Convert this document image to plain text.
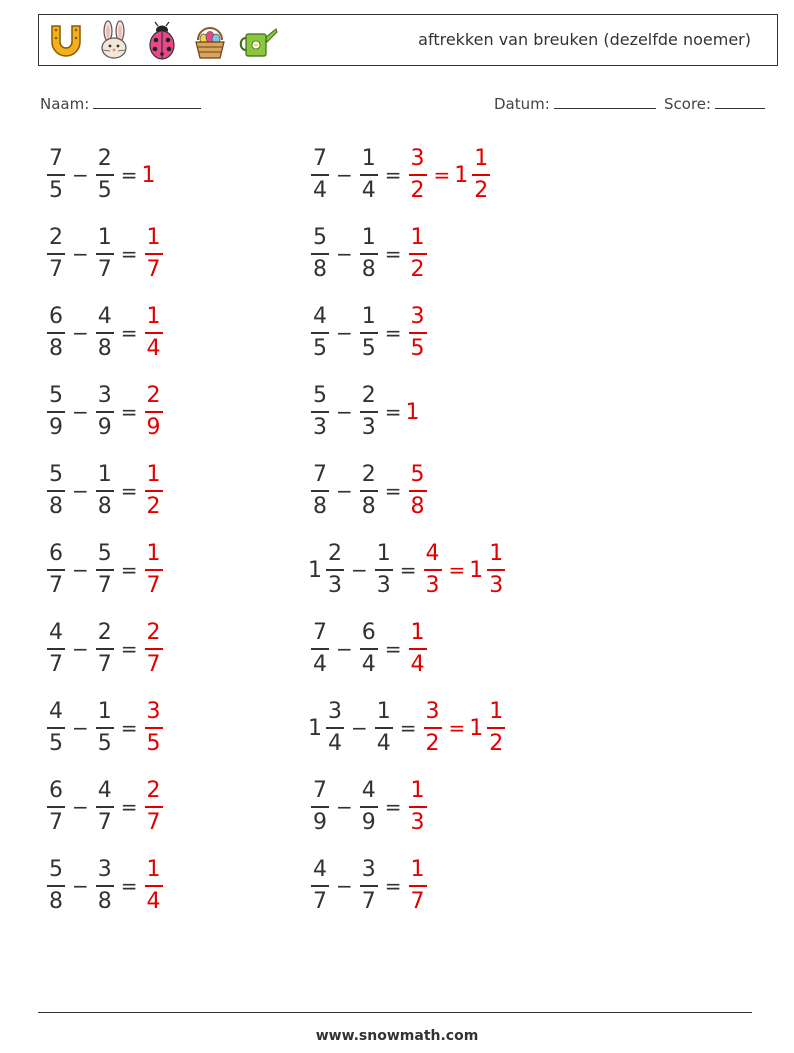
aftrekken van breuken (dezelfde noemer)
Naam:	Datum:	Score:
$\frac{7}{5} - \frac{2}{5} = 1$
$\frac{2}{7} - \frac{1}{7} = \frac{1}{7}$
$\frac{6}{8} - \frac{4}{8} = \frac{1}{4}$
$\frac{5}{9} - \frac{3}{9} = \frac{2}{9}$
$\frac{5}{8} - \frac{1}{8} = \frac{1}{2}$
$\frac{6}{7} - \frac{5}{7} = \frac{1}{7}$
$\frac{4}{7} - \frac{2}{7} = \frac{2}{7}$
$\frac{4}{5} - \frac{1}{5} = \frac{3}{5}$
$\frac{6}{7} - \frac{4}{7} = \frac{2}{7}$
$\frac{5}{8} - \frac{3}{8} = \frac{1}{4}$
$\frac{7}{4} - \frac{1}{4} = \frac{3}{2} = 1 \frac{1}{2}$
$\frac{5}{8} - \frac{1}{8} = \frac{1}{2}$
$\frac{4}{5} - \frac{1}{5} = \frac{3}{5}$
$\frac{5}{3} - \frac{2}{3} = 1$
$\frac{7}{8} - \frac{2}{8} = \frac{5}{8}$
$1 \frac{2}{3} - \frac{1}{3} = \frac{4}{3} = 1 \frac{1}{3}$
$\frac{7}{4} - \frac{6}{4} = \frac{1}{4}$
$1 \frac{3}{4} - \frac{1}{4} = \frac{3}{2} = 1 \frac{1}{2}$
$\frac{7}{9} - \frac{4}{9} = \frac{1}{3}$
$\frac{4}{7} - \frac{3}{7} = \frac{1}{7}$
www.snowmath.com
